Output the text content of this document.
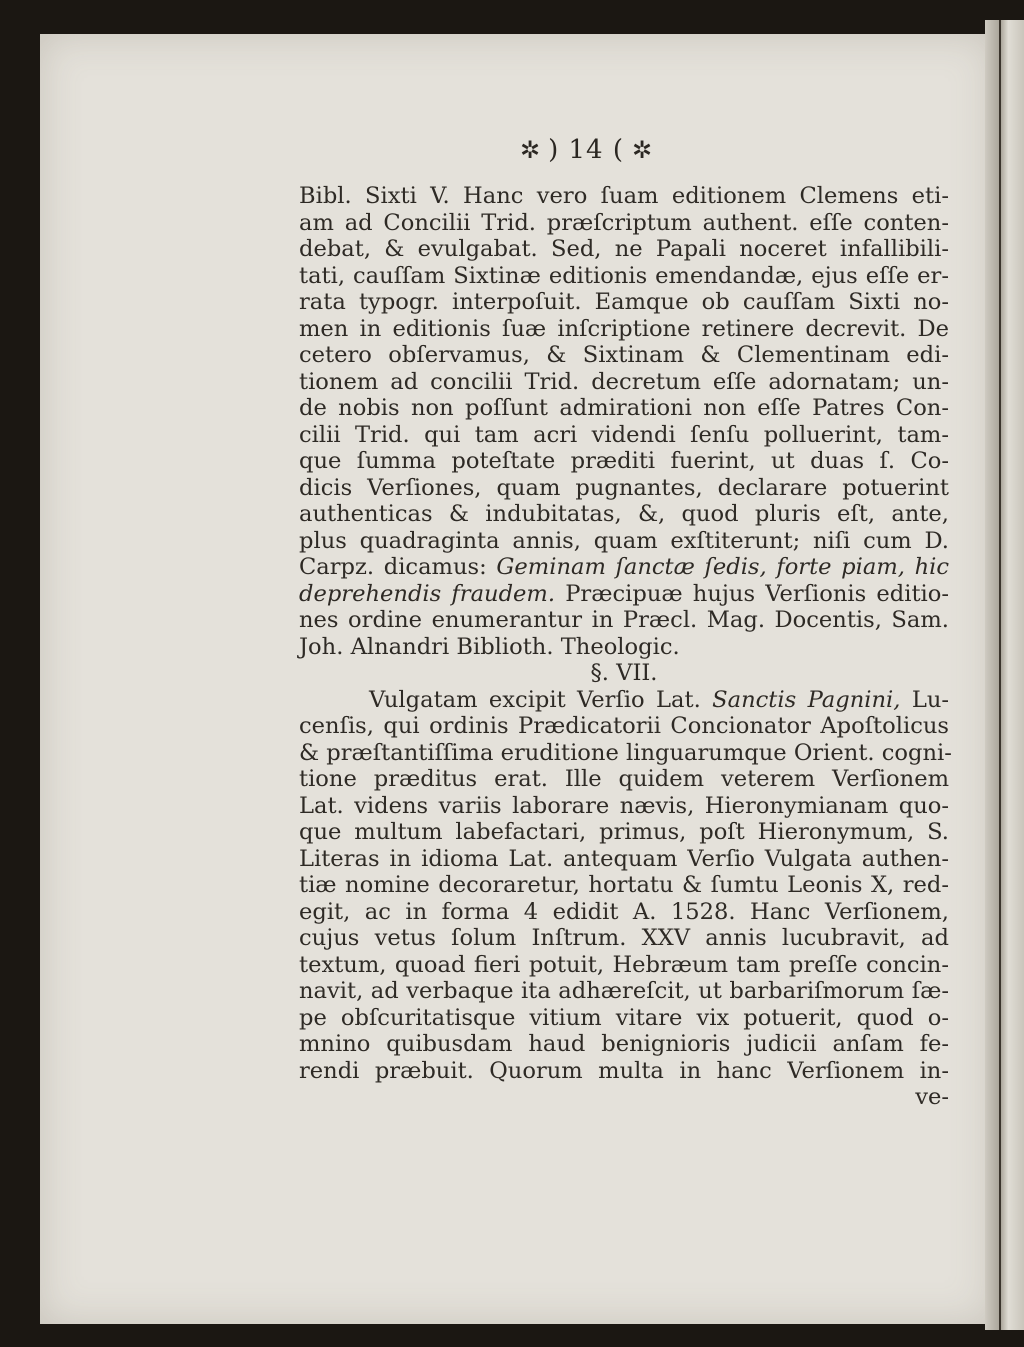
✲ ) 14 ( ✲
Bibl. Sixti V. Hanc vero ſuam editionem Clemens eti-
am ad Concilii Trid. præſcriptum authent. eſſe conten-
debat, & evulgabat. Sed, ne Papali noceret infallibili-
tati, cauſſam Sixtinæ editionis emendandæ, ejus eſſe er-
rata typogr. interpoſuit. Eamque ob cauſſam Sixti no-
men in editionis ſuæ inſcriptione retinere decrevit. De
cetero obſervamus, & Sixtinam & Clementinam edi-
tionem ad concilii Trid. decretum eſſe adornatam; un-
de nobis non poſſunt admirationi non eſſe Patres Con-
cilii Trid. qui tam acri videndi ſenſu polluerint, tam-
que ſumma poteſtate præditi fuerint, ut duas ſ. Co-
dicis Verſiones, quam pugnantes, declarare potuerint
authenticas & indubitatas, &, quod pluris eſt, ante,
plus quadraginta annis, quam exſtiterunt; niſi cum D.
Carpz. dicamus: Geminam ſanctæ ſedis, forte piam, hic
deprehendis fraudem. Præcipuæ hujus Verſionis editio-
nes ordine enumerantur in Præcl. Mag. Docentis, Sam.
Joh. Alnandri Biblioth. Theologic.
§. VII.
Vulgatam excipit Verſio Lat. Sanctis Pagnini, Lu-
cenſis, qui ordinis Prædicatorii Concionator Apoſtolicus
& præſtantiſſima eruditione linguarumque Orient. cogni-
tione præditus erat. Ille quidem veterem Verſionem
Lat. videns variis laborare nævis, Hieronymianam quo-
que multum labefactari, primus, poſt Hieronymum, S.
Literas in idioma Lat. antequam Verſio Vulgata authen-
tiæ nomine decoraretur, hortatu & ſumtu Leonis X, red-
egit, ac in forma 4 edidit A. 1528. Hanc Verſionem,
cujus vetus ſolum Inſtrum. XXV annis lucubravit, ad
textum, quoad fieri potuit, Hebræum tam preſſe concin-
navit, ad verbaque ita adhæreſcit, ut barbariſmorum ſæ-
pe obſcuritatisque vitium vitare vix potuerit, quod o-
mnino quibusdam haud benignioris judicii anſam fe-
rendi præbuit. Quorum multa in hanc Verſionem in-
ve-
